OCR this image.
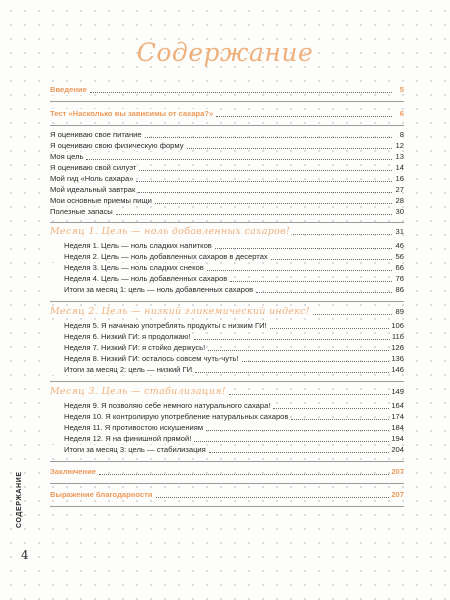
Содержание
Введение	5
Тест «Насколько вы зависимы от сахара?»	6
Я оцениваю свое питание	8
Я оцениваю свою физическую форму	12
Моя цель	13
Я оцениваю свой силуэт	14
Мой гид «Ноль сахара»	16
Мой идеальный завтрак	27
Мои основные приемы пищи	28
Полезные запасы	30
Месяц 1. Цель — ноль добавленных сахаров!	31
Неделя 1. Цель — ноль сладких напитков	46
Неделя 2. Цель — ноль добавленных сахаров в десертах	56
Неделя 3. Цель — ноль сладких снеков	66
Неделя 4. Цель — ноль добавленных сахаров	76
Итоги за месяц 1: цель — ноль добавленных сахаров	86
Месяц 2. Цель — низкий гликемический индекс!	89
Неделя 5. Я начинаю употреблять продукты с низким ГИ!	106
Неделя 6. Низкий ГИ: я продолжаю!	116
Неделя 7. Низкий ГИ: я стойко держусь!	126
Неделя 8. Низкий ГИ: осталось совсем чуть-чуть!	136
Итоги за месяц 2: цель — низкий ГИ	146
Месяц 3. Цель — стабилизация!	149
Неделя 9. Я позволяю себе немного натурального сахара!	164
Неделя 10. Я контролирую употребление натуральных сахаров	174
Неделя 11. Я противостою искушениям	184
Неделя 12. Я на финишной прямой!	194
Итоги за месяц 3: цель — стабилизация	204
Заключение	207
Выражение благодарности	207
СОДЕРЖАНИЕ
4
